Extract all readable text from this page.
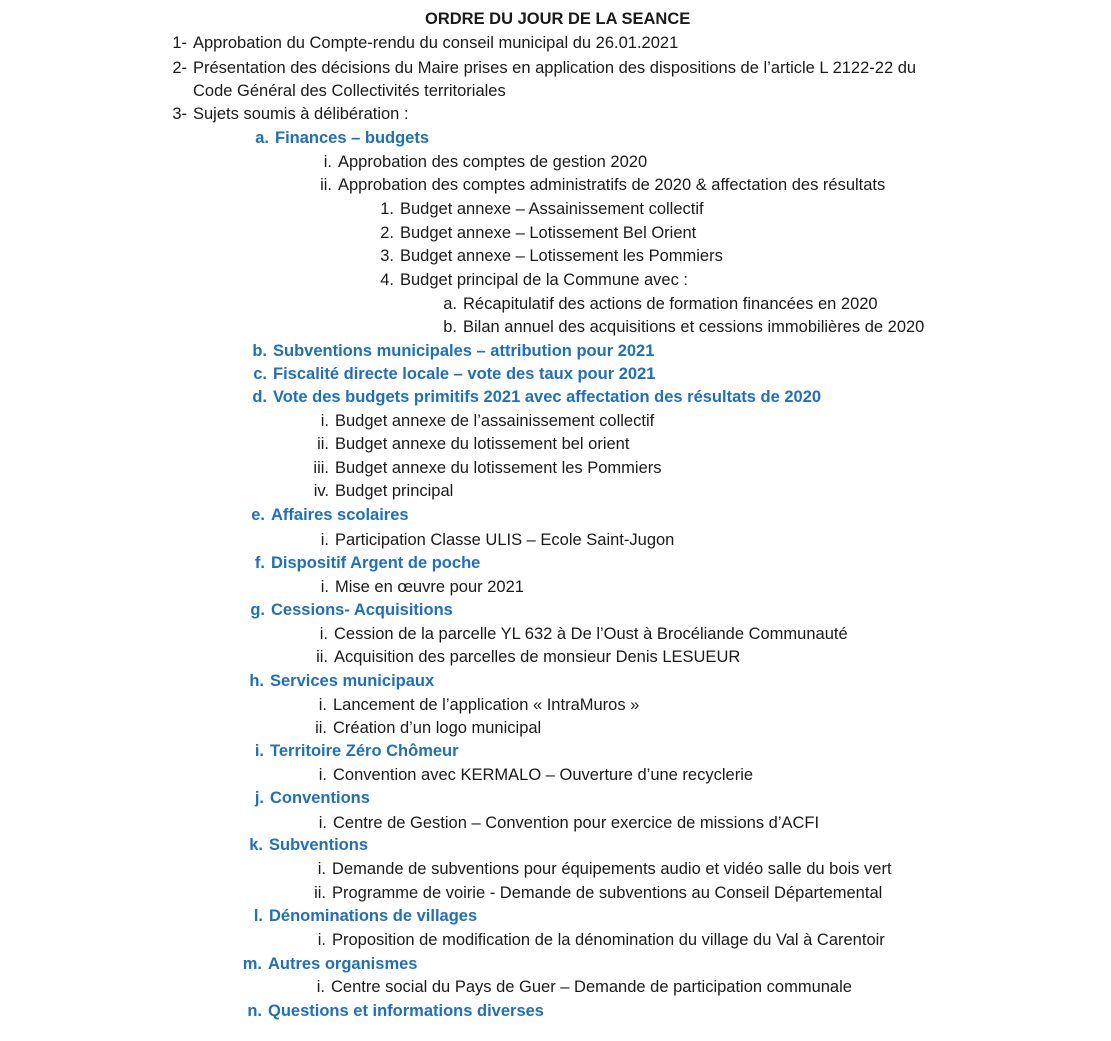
ORDRE DU JOUR DE LA SEANCE
1- Approbation du Compte-rendu du conseil municipal du 26.01.2021
2- Présentation des décisions du Maire prises en application des dispositions de l’article L 2122-22 du
Code Général des Collectivités territoriales
3- Sujets soumis à délibération :
a. Finances – budgets
i. Approbation des comptes de gestion 2020
ii. Approbation des comptes administratifs de 2020 & affectation des résultats
1. Budget annexe – Assainissement collectif
2. Budget annexe – Lotissement Bel Orient
3. Budget annexe – Lotissement les Pommiers
4. Budget principal de la Commune avec :
a. Récapitulatif des actions de formation financées en 2020
b. Bilan annuel des acquisitions et cessions immobilières de 2020
b. Subventions municipales – attribution pour 2021
c. Fiscalité directe locale – vote des taux pour 2021
d. Vote des budgets primitifs 2021 avec affectation des résultats de 2020
i. Budget annexe de l’assainissement collectif
ii. Budget annexe du lotissement bel orient
iii. Budget annexe du lotissement les Pommiers
iv. Budget principal
e. Affaires scolaires
i. Participation Classe ULIS – Ecole Saint-Jugon
f. Dispositif Argent de poche
i. Mise en œuvre pour 2021
g. Cessions- Acquisitions
i. Cession de la parcelle YL 632 à De l’Oust à Brocéliande Communauté
ii. Acquisition des parcelles de monsieur Denis LESUEUR
h. Services municipaux
i. Lancement de l’application « IntraMuros »
ii. Création d’un logo municipal
i. Territoire Zéro Chômeur
i. Convention avec KERMALO – Ouverture d’une recyclerie
j. Conventions
i. Centre de Gestion – Convention pour exercice de missions d’ACFI
k. Subventions
i. Demande de subventions pour équipements audio et vidéo salle du bois vert
ii. Programme de voirie - Demande de subventions au Conseil Départemental
l. Dénominations de villages
i. Proposition de modification de la dénomination du village du Val à Carentoir
m. Autres organismes
i. Centre social du Pays de Guer – Demande de participation communale
n. Questions et informations diverses
